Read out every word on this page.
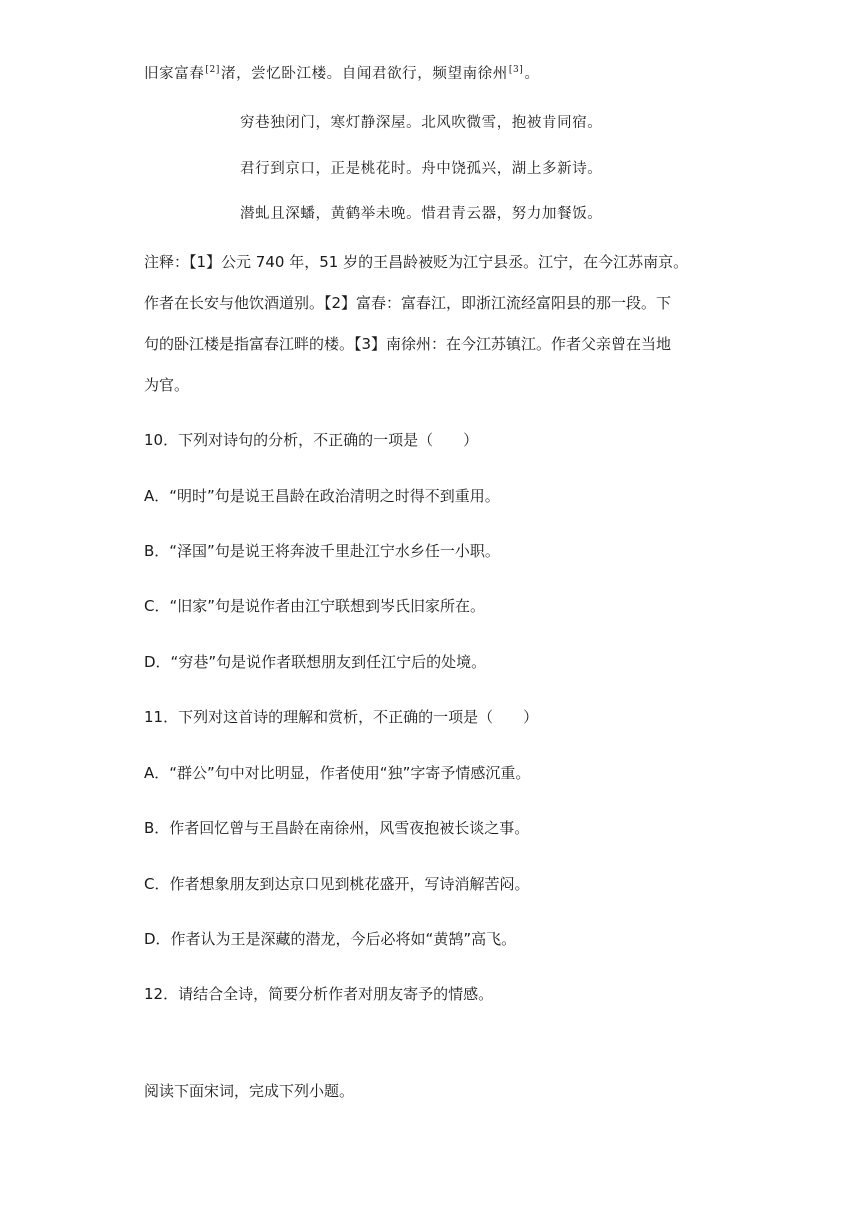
旧家富春[2]渚，尝忆卧江楼。自闻君欲行，频望南徐州[3]。
穷巷独闭门，寒灯静深屋。北风吹微雪，抱被肯同宿。
君行到京口，正是桃花时。舟中饶孤兴，湖上多新诗。
潜虬且深蟠，黄鹤举未晚。惜君青云器，努力加餐饭。
注释：【1】公元 740 年，51 岁的王昌龄被贬为江宁县丞。江宁，在今江苏南京。
作者在长安与他饮酒道别。【2】富春：富春江，即浙江流经富阳县的那一段。下
句的卧江楼是指富春江畔的楼。【3】南徐州：在今江苏镇江。作者父亲曾在当地
为官。
10．下列对诗句的分析，不正确的一项是（　　）
A．“明时”句是说王昌龄在政治清明之时得不到重用。
B．“泽国”句是说王将奔波千里赴江宁水乡任一小职。
C．“旧家”句是说作者由江宁联想到岑氏旧家所在。
D．“穷巷”句是说作者联想朋友到任江宁后的处境。
11．下列对这首诗的理解和赏析，不正确的一项是（　　）
A．“群公”句中对比明显，作者使用“独”字寄予情感沉重。
B．作者回忆曾与王昌龄在南徐州，风雪夜抱被长谈之事。
C．作者想象朋友到达京口见到桃花盛开，写诗消解苦闷。
D．作者认为王是深藏的潜龙，今后必将如“黄鹄”高飞。
12．请结合全诗，简要分析作者对朋友寄予的情感。
阅读下面宋词，完成下列小题。
